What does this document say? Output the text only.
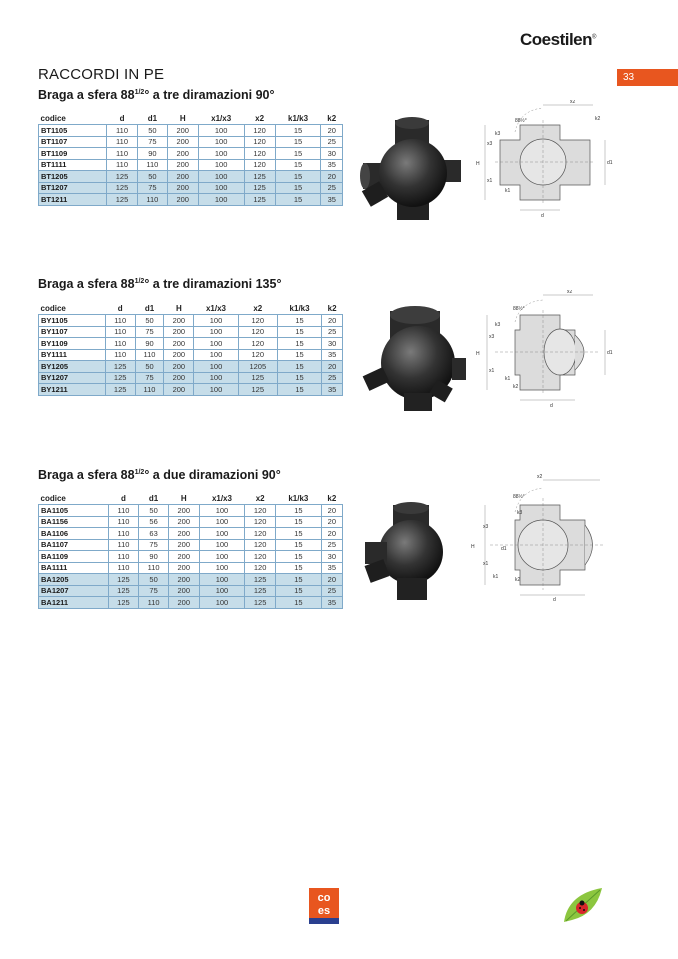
Coestilen®
33
RACCORDI IN PE
Braga a sfera $88^{1/2}^\circ$ a tre diramazioni 90°
codice	d	d1	H	x1/x3	x2	k1/k3	k2
BT1105	110	50	200	100	120	15	20
BT1107	110	75	200	100	120	15	25
BT1109	110	90	200	100	120	15	30
BT1111	110	110	200	100	120	15	35
BT1205	125	50	200	100	125	15	20
BT1207	125	75	200	100	125	15	25
BT1211	125	110	200	100	125	15	35
Braga a sfera $88^{1/2}^\circ$ a tre diramazioni 135°
codice	d	d1	H	x1/x3	x2	k1/k3	k2
BY1105	110	50	200	100	120	15	20
BY1107	110	75	200	100	120	15	25
BY1109	110	90	200	100	120	15	30
BY1111	110	110	200	100	120	15	35
BY1205	125	50	200	100	1205	15	20
BY1207	125	75	200	100	125	15	25
BY1211	125	110	200	100	125	15	35
Braga a sfera $88^{1/2}^\circ$ a due diramazioni 90°
codice	d	d1	H	x1/x3	x2	k1/k3	k2
BA1105	110	50	200	100	120	15	20
BA1156	110	56	200	100	120	15	20
BA1106	110	63	200	100	120	15	20
BA1107	110	75	200	100	120	15	25
BA1109	110	90	200	100	120	15	30
BA1111	110	110	200	100	120	15	35
BA1205	125	50	200	100	125	15	20
BA1207	125	75	200	100	125	15	25
BA1211	125	110	200	100	125	15	35
88½°
x2
k2
k3
x3
H
x1
k1
d1
d
88½°
x2
k3
x3
H
x1
k1
k2
d1
d
88½°
x2
k3
x3
H	d1
x1
k1	k2
d
co
es
